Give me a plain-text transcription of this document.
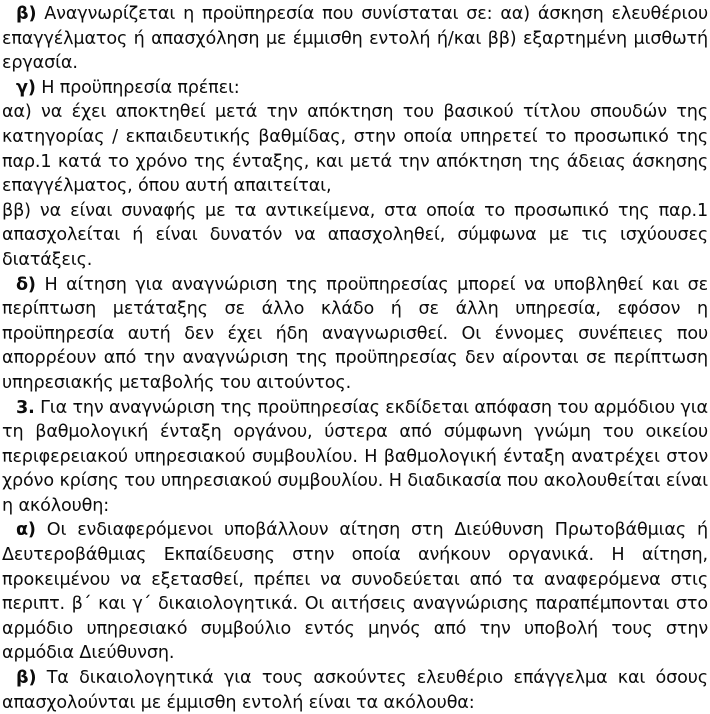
β) Αναγνωρίζεται η προϋπηρεσία που συνίσταται σε: αα) άσκηση ελευθέριου επαγγέλματος ή απασχόληση με έμμισθη εντολή ή/και ββ) εξαρτημένη μισθωτή εργασία.

γ) Η προϋπηρεσία πρέπει:

αα) να έχει αποκτηθεί μετά την απόκτηση του βασικού τίτλου σπουδών της κατηγορίας / εκπαιδευτικής βαθμίδας, στην οποία υπηρετεί το προσωπικό της παρ.1 κατά το χρόνο της ένταξης, και μετά την απόκτηση της άδειας άσκησης επαγγέλματος, όπου αυτή απαιτείται,

ββ) να είναι συναφής με τα αντικείμενα, στα οποία το προσωπικό της παρ.1 απασχολείται ή είναι δυνατόν να απασχοληθεί, σύμφωνα με τις ισχύουσες διατάξεις.

δ) Η αίτηση για αναγνώριση της προϋπηρεσίας μπορεί να υποβληθεί και σε περίπτωση μετάταξης σε άλλο κλάδο ή σε άλλη υπηρεσία, εφόσον η προϋπηρεσία αυτή δεν έχει ήδη αναγνωρισθεί. Οι έννομες συνέπειες που απορρέουν από την αναγνώριση της προϋπηρεσίας δεν αίρονται σε περίπτωση υπηρεσιακής μεταβολής του αιτούντος.

3. Για την αναγνώριση της προϋπηρεσίας εκδίδεται απόφαση του αρμόδιου για τη βαθμολογική ένταξη οργάνου, ύστερα από σύμφωνη γνώμη του οικείου περιφερειακού υπηρεσιακού συμβουλίου. Η βαθμολογική ένταξη ανατρέχει στον χρόνο κρίσης του υπηρεσιακού συμβουλίου. Η διαδικασία που ακολουθείται είναι η ακόλουθη:

α) Οι ενδιαφερόμενοι υποβάλλουν αίτηση στη Διεύθυνση Πρωτοβάθμιας ή Δευτεροβάθμιας Εκπαίδευσης στην οποία ανήκουν οργανικά. Η αίτηση, προκειμένου να εξετασθεί, πρέπει να συνοδεύεται από τα αναφερόμενα στις περιπτ. β΄ και γ΄ δικαιολογητικά. Οι αιτήσεις αναγνώρισης παραπέμπονται στο αρμόδιο υπηρεσιακό συμβούλιο εντός μηνός από την υποβολή τους στην αρμόδια Διεύθυνση.

β) Τα δικαιολογητικά για τους ασκούντες ελευθέριο επάγγελμα και όσους απασχολούνται με έμμισθη εντολή είναι τα ακόλουθα:
